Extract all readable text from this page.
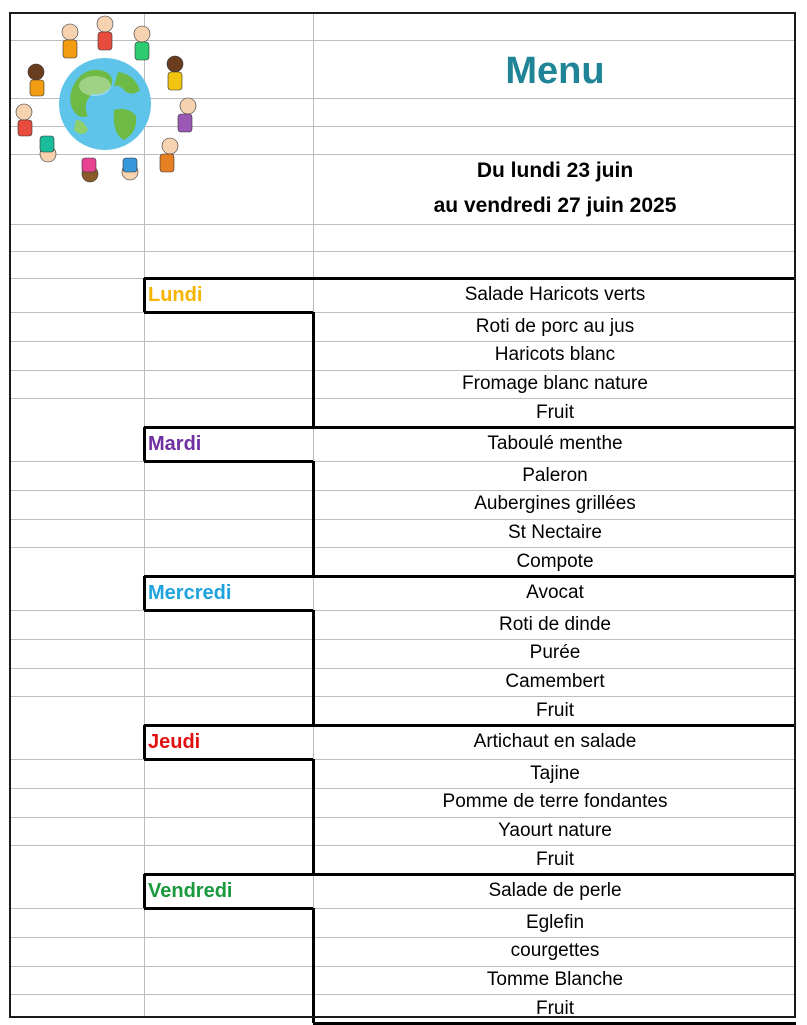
Menu
Du lundi 23 juin
au vendredi 27 juin 2025
Lundi	Salade Haricots verts
Roti de porc au jus
Haricots blanc
Fromage blanc nature
Fruit
Mardi	Taboulé menthe
Paleron
Aubergines grillées
St Nectaire
Compote
Mercredi	Avocat
Roti de dinde
Purée
Camembert
Fruit
Jeudi	Artichaut en salade
Tajine
Pomme de terre fondantes
Yaourt nature
Fruit
Vendredi	Salade de perle
Eglefin
courgettes
Tomme Blanche
Fruit
